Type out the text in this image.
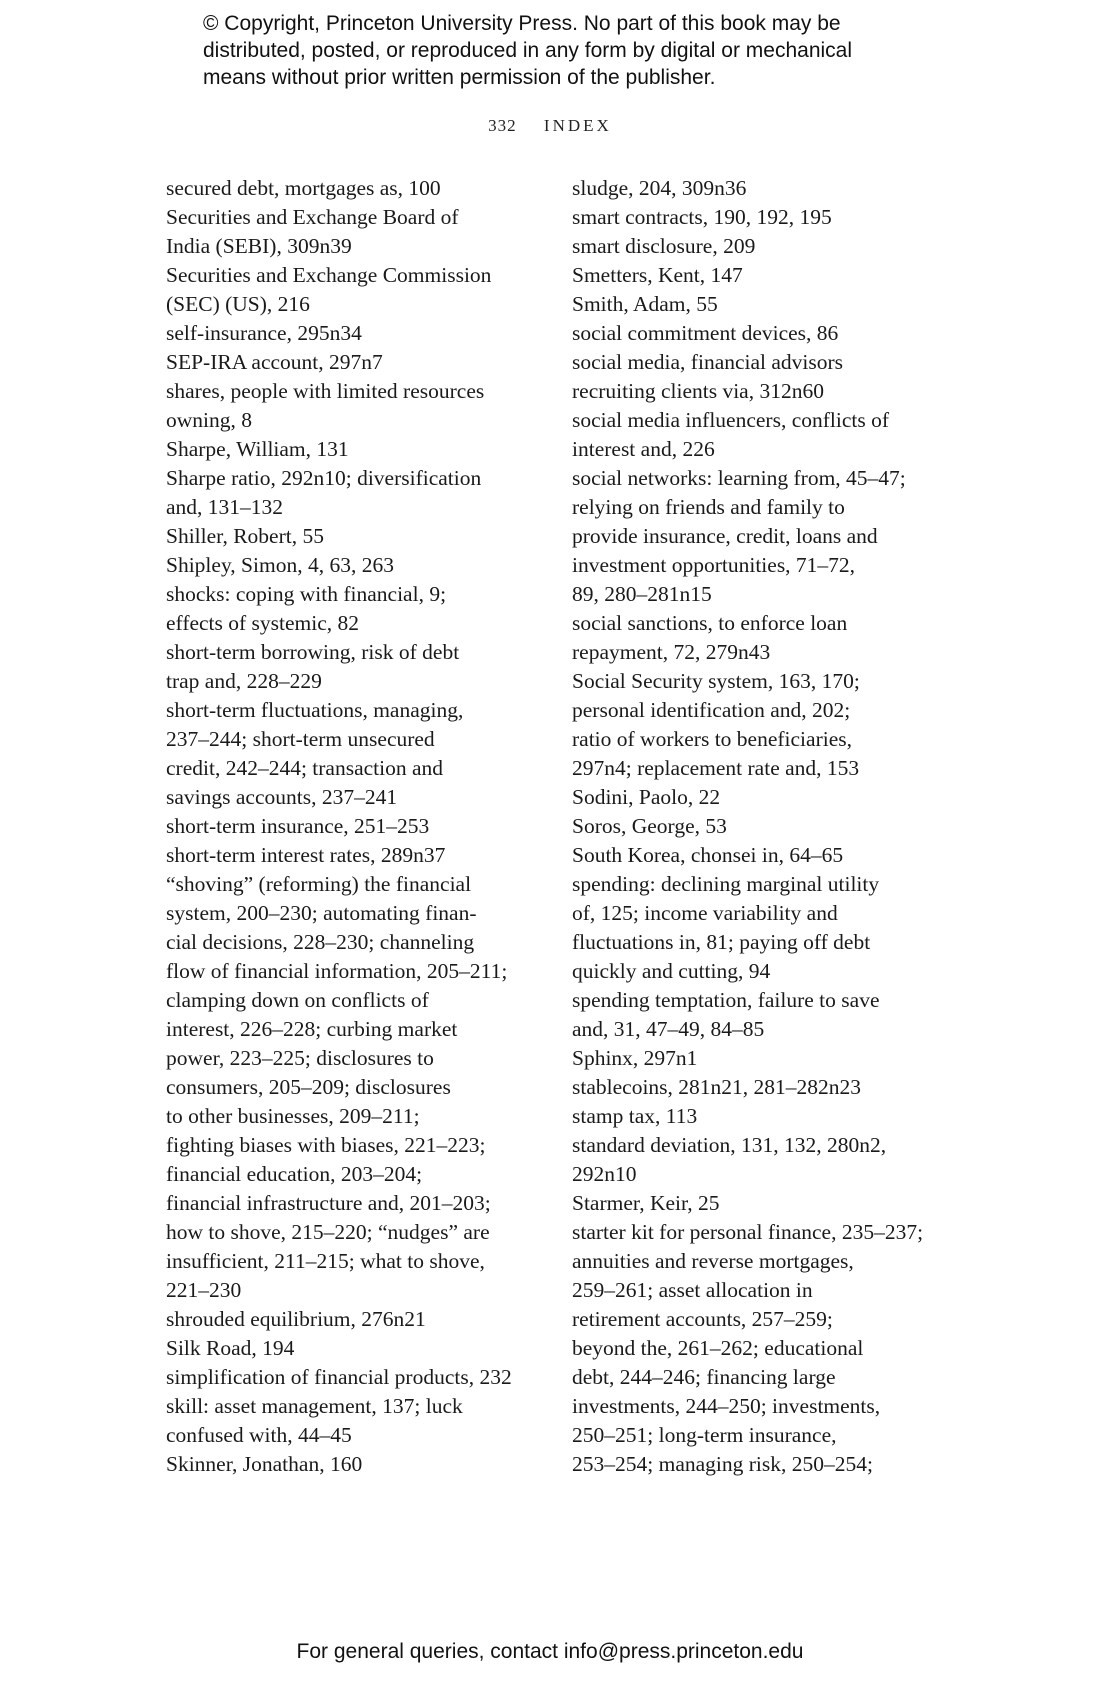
© Copyright, Princeton University Press. No part of this book may be
distributed, posted, or reproduced in any form by digital or mechanical
means without prior written permission of the publisher.
332 INDEX

secured debt, mortgages as, 100

Securities and Exchange Board of
India (SEBI), 309n39

Securities and Exchange Commission
(SEC) (US), 216

self-insurance, 295n34

SEP-IRA account, 297n7

shares, people with limited resources
owning, 8

Sharpe, William, 131

Sharpe ratio, 292n10; diversification
and, 131–132

Shiller, Robert, 55

Shipley, Simon, 4, 63, 263

shocks: coping with financial, 9;
effects of systemic, 82

short-term borrowing, risk of debt
trap and, 228–229

short-term fluctuations, managing,
237–244; short-term unsecured
credit, 242–244; transaction and
savings accounts, 237–241

short-term insurance, 251–253

short-term interest rates, 289n37

“shoving” (reforming) the financial
system, 200–230; automating finan-
cial decisions, 228–230; channeling
flow of financial information, 205–211;
clamping down on conflicts of
interest, 226–228; curbing market
power, 223–225; disclosures to
consumers, 205–209; disclosures
to other businesses, 209–211;
fighting biases with biases, 221–223;
financial education, 203–204;
financial infrastructure and, 201–203;
how to shove, 215–220; “nudges” are
insufficient, 211–215; what to shove,
221–230

shrouded equilibrium, 276n21

Silk Road, 194

simplification of financial products, 232

skill: asset management, 137; luck
confused with, 44–45

Skinner, Jonathan, 160

sludge, 204, 309n36

smart contracts, 190, 192, 195

smart disclosure, 209

Smetters, Kent, 147

Smith, Adam, 55

social commitment devices, 86

social media, financial advisors
recruiting clients via, 312n60

social media influencers, conflicts of
interest and, 226

social networks: learning from, 45–47;
relying on friends and family to
provide insurance, credit, loans and
investment opportunities, 71–72,
89, 280–281n15

social sanctions, to enforce loan
repayment, 72, 279n43

Social Security system, 163, 170;
personal identification and, 202;
ratio of workers to beneficiaries,
297n4; replacement rate and, 153

Sodini, Paolo, 22

Soros, George, 53

South Korea, chonsei in, 64–65

spending: declining marginal utility
of, 125; income variability and
fluctuations in, 81; paying off debt
quickly and cutting, 94

spending temptation, failure to save
and, 31, 47–49, 84–85

Sphinx, 297n1

stablecoins, 281n21, 281–282n23

stamp tax, 113

standard deviation, 131, 132, 280n2,
292n10

Starmer, Keir, 25

starter kit for personal finance, 235–237;
annuities and reverse mortgages,
259–261; asset allocation in
retirement accounts, 257–259;
beyond the, 261–262; educational
debt, 244–246; financing large
investments, 244–250; investments,
250–251; long-term insurance,
253–254; managing risk, 250–254;

For general queries, contact info@press.princeton.edu
